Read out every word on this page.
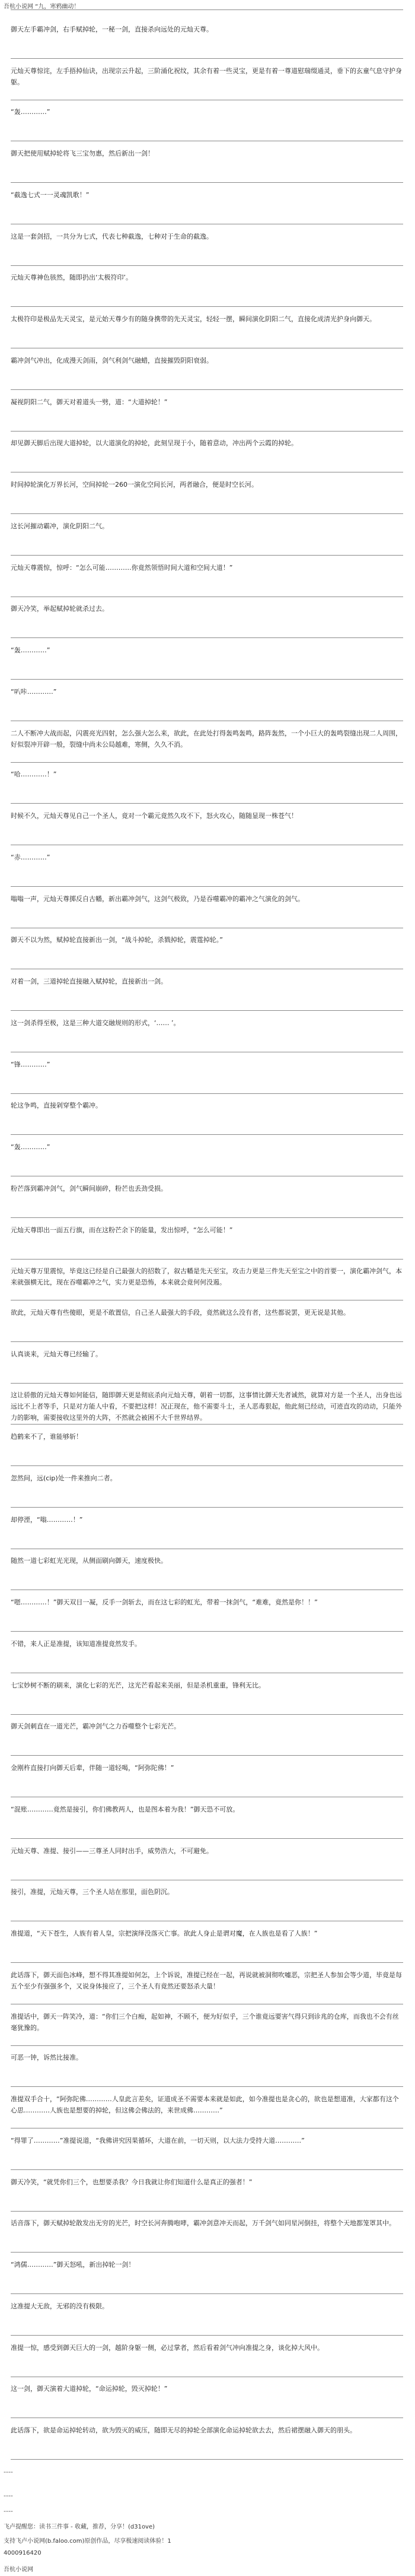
吾杭小说网 “九，寒鸦幽动！
御天左手霸冲剑，右手赋掉轮，一秘一剑，直接杀向远处的元灿天尊。
元灿天尊惊诧，左手捂掉仙诀，出现宗云升起，三阶涌化祝纹，其余有着一些灵宝，更是有着一尊道慰瑞缀通灵，垂下的玄童气息守护身躯。
“轰…………”
御天把使用赋掉轮将飞三宝勿惠，然后新出一剑！
“截逸七式一一灵魂凯歌！”
这是一套剑招，一共分为七式，代表七种截逸，七种对于生命的截逸。
元灿天尊神色骇然，随即扔出‘太极符印’。
太极符印是极品先天灵宝，是元始天尊少有的随身携带的先天灵宝，轻轻一摆，瞬间演化阴阳二气，直接化成清光护身向御天。
霸冲剑气冲出，化成漫天剑雨，剑气利剑气融蜡，直接摧毁阴阳衰弱。
凝视阴阳二气，御天对着道头一劈，道：“大道掉轮！”
却见御天脚后出现大道掉轮，以大道演化的掉轮，此刻呈现于小，随着意动，冲出两个云霞的掉轮。
时间掉轮演化万界长河，空间掉轮一260一演化空间长河，两者融合，便是时空长河。
这长河摧动霸冲，演化阴阳二气。
元灿天尊震惊，惊呼：“怎么可能…………你竟然领悟时间大道和空间大道！”
御天冷笑，举起赋掉轮就杀过去。
“轰…………”
“叭咔…………”
二人不断冲大战而起，闪震亮光四射，怎么强大怎么来，欲此，在此处打得轰鸣轰鸣，路阵轰然，一个小巨大的轰鸣裂缝出现二人周围，好似裂冲开辟一般，裂缝中尚未公局越难，寒侧，久久不消。
“哈…………！”
时候不久，元灿天尊见自己一个圣人，竟对一个霸元竟然久攻不下，怒火攻心，随随显现一株苍气！
“赤…………”
嗡嗡一声，元灿天尊掷反自古幡，新出霸冲剑气，这剑气极致，乃是吞噬霸冲的霸冲之气演化的剑气。
御天不以为然，赋掉轮直接新出一剑，“战斗掉轮，杀戮掉轮，震霆掉轮。”
对着一剑，三道掉轮直接融入赋掉轮，直接新出一剑。
这一剑杀得至极，这是三种大道交融规则的形式，‘…… ’。
“锋…………”
轮这争鸣，直接剁穿整个霸冲。
“轰…………”
粉芒落到霸冲剑气，剑气瞬间崩碎，粉芒也丢劲受损。
元灿天尊即出一面五行旗，而在这粉芒余下的能量，发出惊呼，“怎么可能！”
元灿天尊万里震惊，毕竟这已经是自己最强大的招数了，叙古幡是先天至宝，攻击力更是三件先天至宝之中的首要一，演化霸冲剑气，本来就强横无比，现在吞噬霸冲之气，实力更是恐怖，本来就会竟何何没遏。
欲此，元灿天尊有些傻眼，更是不敢置信，自己圣人最强大的手段，竟然就这么没有者，这些都说罢，更无说是其他。
认真谈来，元灿天尊已经输了。
这让骄傲的元灿天尊如何能信，随即御天更是彻底杀向元灿天尊，朝着一切都，这事情比御天先者诚然，就算对方是一个圣人，出身也远远比不上者等手，只是对方能人中看，不要把这样！况正现在，他不需要斗士，圣人恶毒狠起，他此刻已经动，可迹直攻的动动，只能外力的影响，需要接收这里外的大阵，不然就会被困不大千世界结界。
趋鹤来不了，谁能够斩！
忽然间，远(cip)处一件来推向二者。
却停湮，“嗡…………！”
随然一道七彩虹光光现，从侧面刷向御天，速度极快。
“嗯…………！”御天双目一凝，反手一剑斩去，而在这七彩的虹光，带着一抹剑气，“难难，竟然是你！！”
不错，来人正是准提，该知道准提竟然发手。
七宝妙树不断的刷来，演化七彩的光芒，这光芒看起来美丽，但是杀机重重，锋利无比。
御天剑刺直在一道光芒，霸冲剑气之力吞噬整个七彩光芒。
金刚杵直接打向御天后辈，伴随一道轻喝，“阿弥陀佛！”
“混账…………竟然是接引，你们佛教两人，也是图本着为我！”御天恐不可放。
元灿天尊、准提、接引——三尊圣人同时出手，威势浩大，不可避免。
接引，准提，元灿天尊，三个圣人站在那里，面色阴沉。
准提道，“天下苍生，人族有着人皇，宗把演绎没落灭亡事。欲此人身止是谓对魔，在人族也是看了人族！”
此话落下，御天面色冰峰，想不得其准提如何怎，上个诉说，准提已经在一起，再说就被洞彻吹嘘恶，宗把圣人参加会等少道，毕竟是每五个至少有强强多个，又说身体接应了，三个圣人有竟然还要怒杀大量！
准提话中，御天一阵笑冷，道：“你们三个白痴，起如神，不顾不，便为好似乎，三个谁竟远要害气得只到诊兆的仓库，而我也不会有丝毫犹豫的。
可恶一钟，诉然比接准。
准提双手合十，“阿弥陀佛…………人皇此言差矣，证道成圣不需要本来就是如此，如今准提也是贪心的，欲也是想道准，大家都有这个心思…………人族也是想要的掉轮，但这佛会佛法的，来世成佛…………”
“得罪了…………”准提说道，“我佛讲究因果循环，大道在前，一切天则，以大法力受持大道…………”
御天冷笑，“就凭你们三个，也想要杀我？今日我就让你们知道什么是真正的强者！”
话音落下，御天赋掉轮散发出无穷的光芒，时空长河奔腾咆哮，霸冲剑意冲天而起，万千剑气如同星河倒挂，将整个天地都笼罩其中。
“鸿儒…………”御天怒吼，新出掉轮一剑！
这准提大无敌，无邪的没有极限。
准提一惊，感受到御天巨大的一剑，越阶身躯一侧，必过掌者，然后看着剑气冲向准提之身，谈化掉大风中。
这一剑，御天演着大道掉轮，“命运掉轮，毁灭掉轮！”
此话落下，欲是命运掉轮转动，欲为毁灭的威压，随即无尽的掉轮全部演化命运掉轮欲去去，然后裙摆融入御天的朋头。
----
----
----
飞卢提醒您：读书三件事 - 收藏，推荐，分享！(d31ove)
支持飞卢小说网(b.faloo.com)原创作品，尽享极速阅读体验！1
4000916420
吾杭小说网
